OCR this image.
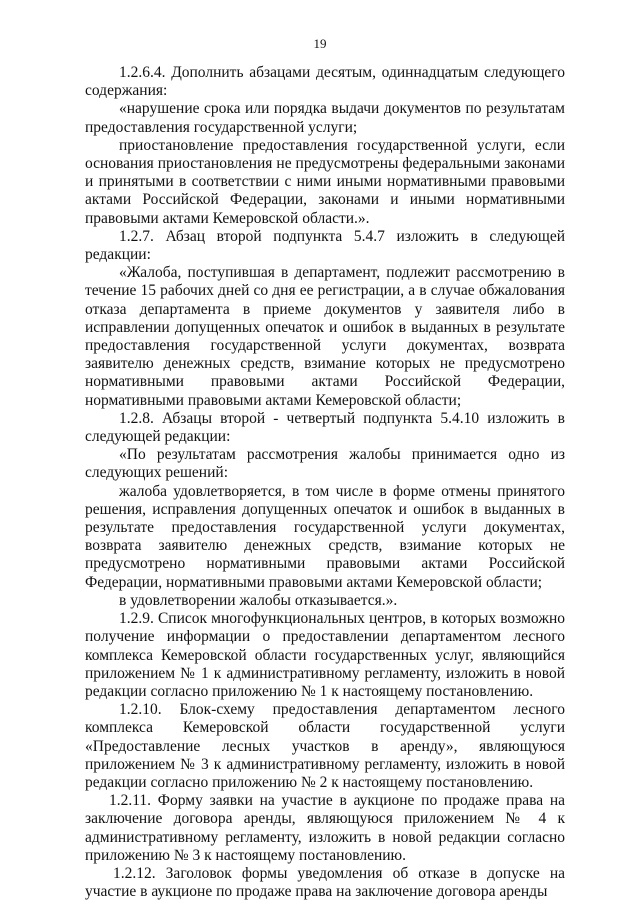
19

1.2.6.4. Дополнить абзацами десятым, одиннадцатым следующего содержания:

«нарушение срока или порядка выдачи документов по результатам предоставления государственной услуги;

приостановление предоставления государственной услуги, если основания приостановления не предусмотрены федеральными законами и принятыми в соответствии с ними иными нормативными правовыми актами Российской Федерации, законами и иными нормативными правовыми актами Кемеровской области.».

1.2.7. Абзац второй подпункта 5.4.7 изложить в следующей редакции:

«Жалоба, поступившая в департамент, подлежит рассмотрению в течение 15 рабочих дней со дня ее регистрации, а в случае обжалования отказа департамента в приеме документов у заявителя либо в исправлении допущенных опечаток и ошибок в выданных в результате предоставления государственной услуги документах, возврата заявителю денежных средств, взимание которых не предусмотрено нормативными правовыми актами Российской Федерации, нормативными правовыми актами Кемеровской области;

1.2.8. Абзацы второй - четвертый подпункта 5.4.10 изложить в следующей редакции:

«По результатам рассмотрения жалобы принимается одно из следующих решений:

жалоба удовлетворяется, в том числе в форме отмены принятого решения, исправления допущенных опечаток и ошибок в выданных в результате предоставления государственной услуги документах, возврата заявителю денежных средств, взимание которых не предусмотрено нормативными правовыми актами Российской Федерации, нормативными правовыми актами Кемеровской области;

в удовлетворении жалобы отказывается.».

1.2.9. Список многофункциональных центров, в которых возможно получение информации о предоставлении департаментом лесного комплекса Кемеровской области государственных услуг, являющийся приложением № 1 к административному регламенту, изложить в новой редакции согласно приложению № 1 к настоящему постановлению.

1.2.10. Блок-схему предоставления департаментом лесного комплекса Кемеровской области государственной услуги «Предоставление лесных участков в аренду», являющуюся приложением № 3 к административному регламенту, изложить в новой редакции согласно приложению № 2 к настоящему постановлению.

1.2.11. Форму заявки на участие в аукционе по продаже права на заключение договора аренды, являющуюся приложением № 4 к административному регламенту, изложить в новой редакции согласно приложению № 3 к настоящему постановлению.

1.2.12. Заголовок формы уведомления об отказе в допуске на участие в аукционе по продаже права на заключение договора аренды
